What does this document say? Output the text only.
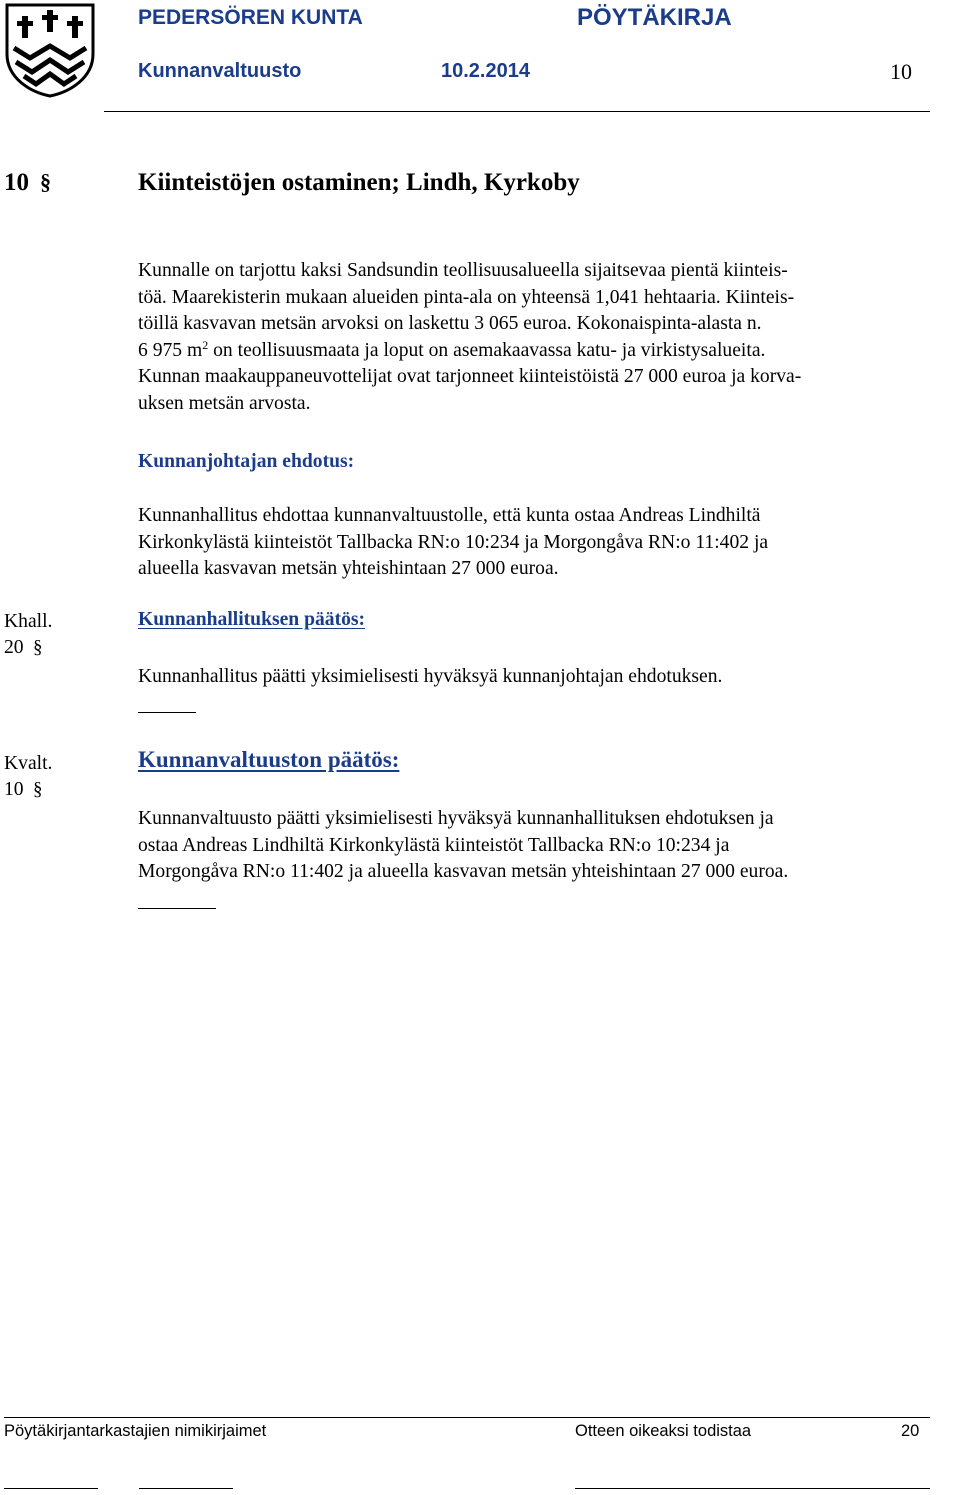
PEDERSÖREN KUNTA	PÖYTÄKIRJA
Kunnanvaltuusto	10.2.2014	10
10 §	Kiinteistöjen ostaminen; Lindh, Kyrkoby

Kunnalle on tarjottu kaksi Sandsundin teollisuusalueella sijaitsevaa pientä kiinteis-

töä. Maarekisterin mukaan alueiden pinta-ala on yhteensä 1,041 hehtaaria. Kiinteis-

töillä kasvavan metsän arvoksi on laskettu 3 065 euroa. Kokonaispinta-alasta n.

6 975 $m^2$ on teollisuusmaata ja loput on asemakaavassa katu- ja virkistysalueita.

Kunnan maakauppaneuvottelijat ovat tarjonneet kiinteistöistä 27 000 euroa ja korva-

uksen metsän arvosta.

Kunnanjohtajan ehdotus:

Kunnanhallitus ehdottaa kunnanvaltuustolle, että kunta ostaa Andreas Lindhiltä

Kirkonkylästä kiinteistöt Tallbacka RN:o 10:234 ja Morgongåva RN:o 11:402 ja

alueella kasvavan metsän yhteishintaan 27 000 euroa.

Khall.
20 §
Kunnanhallituksen päätös:

Kunnanhallitus päätti yksimielisesti hyväksyä kunnanjohtajan ehdotuksen.

Kvalt.
10 §
Kunnanvaltuuston päätös:

Kunnanvaltuusto päätti yksimielisesti hyväksyä kunnanhallituksen ehdotuksen ja

ostaa Andreas Lindhiltä Kirkonkylästä kiinteistöt Tallbacka RN:o 10:234 ja

Morgongåva RN:o 11:402 ja alueella kasvavan metsän yhteishintaan 27 000 euroa.

Pöytäkirjantarkastajien nimikirjaimet	Otteen oikeaksi todistaa	20
